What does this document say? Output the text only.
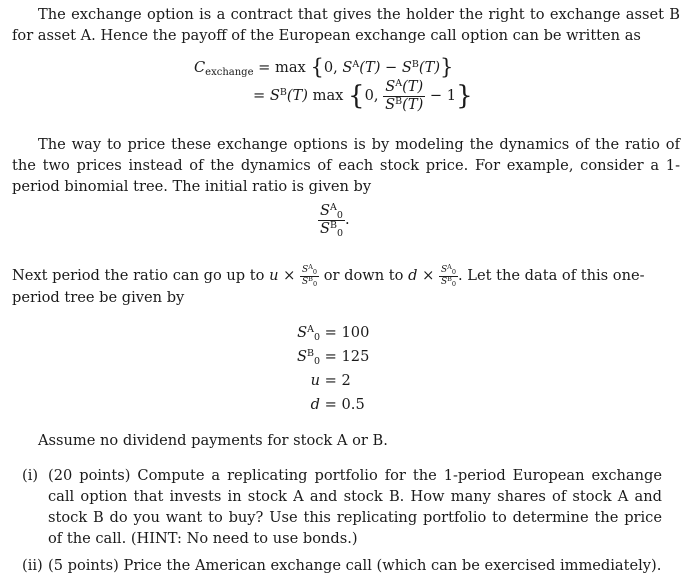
The exchange option is a contract that gives the holder the right to exchange asset B for asset A. Hence the payoff of the European exchange call option can be written as
$C_{exchange} = \max \{0$, $S^A(T) - S^B(T)$}
= $S^B(T)$ max {0, $\frac{S^A(T)}{S^B(T)} - 1$}
The way to price these exchange options is by modeling the dynamics of the ratio of the two prices instead of the dynamics of each stock price. For example, consider a 1-period binomial tree. The initial ratio is given by
$\frac{S^A_0}{S^B_0}$ .
Next period the ratio can go up to $u \times \frac{S^A_0}{S^B_0}$ or down to $d \times \frac{S^A_0}{S^B_0}$ . Let the data of this one-period tree be given by
$S^A_0 = 100$
$S^B_0 = 125$
u = 2
d = 0.5
Assume no dividend payments for stock A or B.
(i) (20 points) Compute a replicating portfolio for the 1-period European exchange call option that invests in stock A and stock B. How many shares of stock A and stock B do you want to buy? Use this replicating portfolio to determine the price of the call. (HINT: No need to use bonds.)
(ii) (5 points) Price the American exchange call (which can be exercised immediately).
